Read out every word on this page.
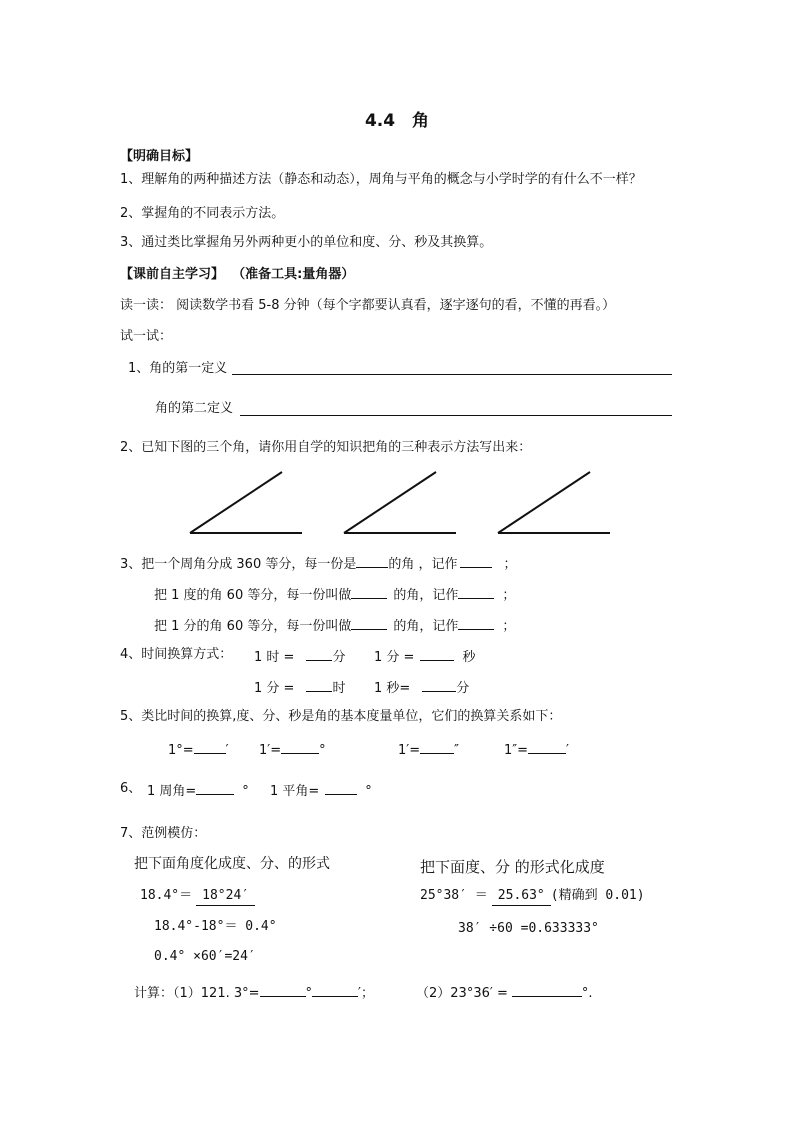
4.4　角
【明确目标】
1、理解角的两种描述方法（静态和动态），周角与平角的概念与小学时学的有什么不一样？
2、掌握角的不同表示方法。
3、通过类比掌握角另外两种更小的单位和度、分、秒及其换算。
【课前自主学习】 （准备工具:量角器）
读一读： 阅读数学书看 5-8 分钟（每个字都要认真看，逐字逐句的看，不懂的再看。）
试一试：
1、角的第一定义
角的第二定义
2、已知下图的三个角，请你用自学的知识把角的三种表示方法写出来：
3、把一个周角分成 360 等分，每一份是 的角 ，记作	；
把 1 度的角 60 等分，每一份叫做	的角，记作	；
把 1 分的角 60 等分，每一份叫做	的角，记作	；
4、时间换算方式： 1 时 =	分 1 分 =	秒
1 分 =	时 1 秒=	分
5、类比时间的换算,度、分、秒是角的基本度量单位，它们的换算关系如下：
1°= ′ 1′=	°	1′=	″	1″=	′
6、 1 周角=	° 1 平角=	°
7、范例模仿：
把下面角度化成度、分、的形式	把下面度、分 的形式化成度
18.4°＝ 18°24′	25°38′ ＝ 25.63° (精确到 0.01)
18.4°-18°＝ 0.4°	38′ ÷60 =0.633333°
0.4° ×60′=24′
计算：（1）121. 3°=	°	′；	（2）23°36′ =	°.
